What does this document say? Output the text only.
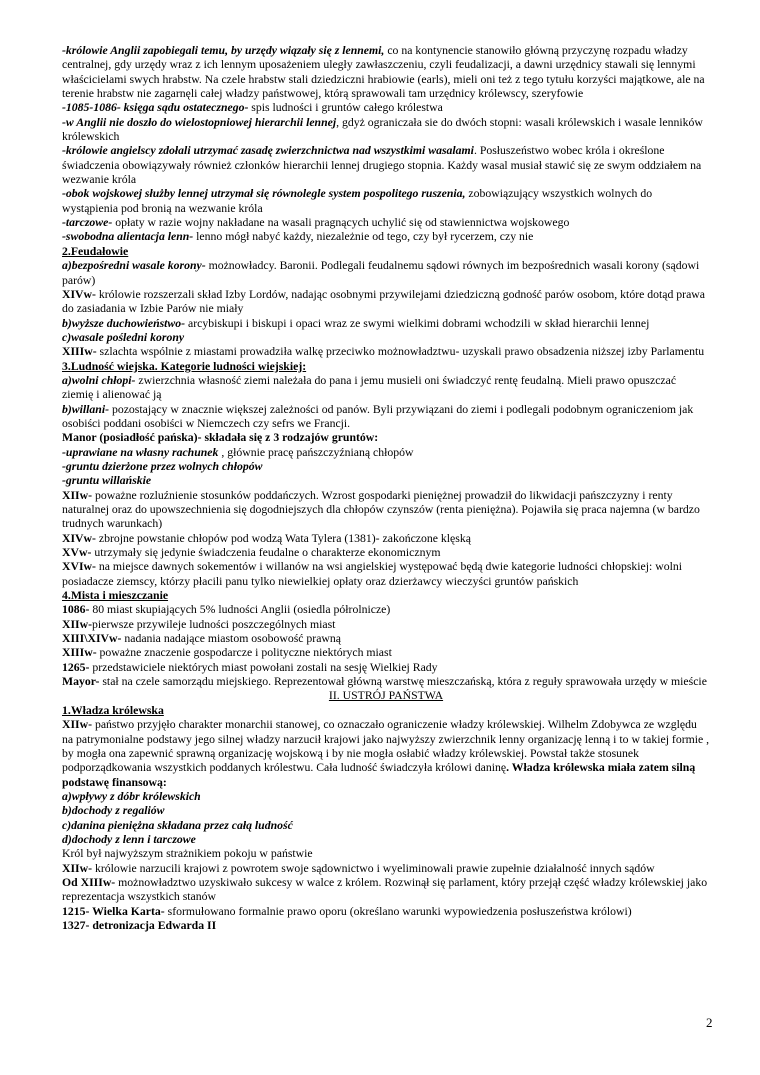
-królowie Anglii zapobiegali temu, by urzędy wiązały się z lennemi, co na kontynencie stanowiło główną przyczynę rozpadu władzy centralnej, gdy urzędy wraz z ich lennym uposażeniem uległy zawłaszczeniu, czyli feudalizacji, a dawni urzędnicy stawali się lennymi właścicielami swych hrabstw. Na czele hrabstw stali dziedziczni hrabiowie (earls), mieli oni też z tego tytułu korzyści majątkowe, ale na terenie hrabstw nie zagarnęli całej władzy państwowej, którą sprawowali tam urzędnicy królewscy, szeryfowie

-1085-1086- księga sądu ostatecznego- spis ludności i gruntów całego królestwa

-w Anglii nie doszło do wielostopniowej hierarchii lennej, gdyż ograniczała sie do dwóch stopni: wasali królewskich i wasale lenników królewskich

-królowie angielscy zdołali utrzymać zasadę zwierzchnictwa nad wszystkimi wasalami. Posłuszeństwo wobec króla i określone świadczenia obowiązywały również członków hierarchii lennej drugiego stopnia. Każdy wasal musiał stawić się ze swym oddziałem na wezwanie króla

-obok wojskowej służby lennej utrzymał się równolegle system pospolitego ruszenia, zobowiązujący wszystkich wolnych do wystąpienia pod bronią na wezwanie króla

-tarczowe- opłaty w razie wojny nakładane na wasali pragnących uchylić się od stawiennictwa wojskowego

-swobodna alientacja lenn- lenno mógł nabyć każdy, niezależnie od tego, czy był rycerzem, czy nie

2.Feudałowie

a)bezpośredni wasale korony- możnowładcy. Baronii. Podlegali feudalnemu sądowi równych im bezpośrednich wasali korony (sądowi parów)

XIVw- królowie rozszerzali skład Izby Lordów, nadając osobnymi przywilejami dziedziczną godność parów osobom, które dotąd prawa do zasiadania w Izbie Parów nie miały

b)wyższe duchowieństwo- arcybiskupi i biskupi i opaci wraz ze swymi wielkimi dobrami wchodzili w skład hierarchii lennej

c)wasale pośledni korony

XIIIw- szlachta wspólnie z miastami prowadziła walkę przeciwko możnowładztwu- uzyskali prawo obsadzenia niższej izby Parlamentu

3.Ludność wiejska. Kategorie ludności wiejskiej:

a)wolni chłopi- zwierzchnia własność ziemi należała do pana i jemu musieli oni świadczyć rentę feudalną. Mieli prawo opuszczać ziemię i alienować ją

b)willani- pozostający w znacznie większej zależności od panów. Byli przywiązani do ziemi i podlegali podobnym ograniczeniom jak osobiści poddani osobiści w Niemczech czy sefrs we Francji.

Manor (posiadłość pańska)- składała się z 3 rodzajów gruntów:

-uprawiane na własny rachunek , głównie pracę pańszczyźnianą chłopów

-gruntu dzierżone przez wolnych chłopów

-gruntu willańskie

XIIw- poważne rozluźnienie stosunków poddańczych. Wzrost gospodarki pieniężnej prowadził do likwidacji pańszczyzny i renty naturalnej oraz do upowszechnienia się dogodniejszych dla chłopów czynszów (renta pieniężna). Pojawiła się praca najemna (w bardzo trudnych warunkach)

XIVw- zbrojne powstanie chłopów pod wodzą Wata Tylera (1381)- zakończone klęską

XVw- utrzymały się jedynie świadczenia feudalne o charakterze ekonomicznym

XVIw- na miejsce dawnych sokementów i willanów na wsi angielskiej występować będą dwie kategorie ludności chłopskiej: wolni posiadacze ziemscy, którzy płacili panu tylko niewielkiej opłaty oraz dzierżawcy wieczyści gruntów pańskich

4.Mista i mieszczanie

1086- 80 miast skupiających 5% ludności Anglii (osiedla półrolnicze)

XIIw-pierwsze przywileje ludności poszczególnych miast

XIII\XIVw- nadania nadające miastom osobowość prawną

XIIIw- poważne znaczenie gospodarcze i polityczne niektórych miast

1265- przedstawiciele niektórych miast powołani zostali na sesję Wielkiej Rady

Mayor- stał na czele samorządu miejskiego. Reprezentował główną warstwę mieszczańską, która z reguły sprawowała urzędy w mieście

II. USTRÓJ PAŃSTWA

1.Władza królewska

XIIw- państwo przyjęło charakter monarchii stanowej, co oznaczało ograniczenie władzy królewskiej. Wilhelm Zdobywca ze względu na patrymonialne podstawy jego silnej władzy narzucił krajowi jako najwyższy zwierzchnik lenny organizację lenną i to w takiej formie , by mogła ona zapewnić sprawną organizację wojskową i by nie mogła osłabić władzy królewskiej. Powstał także stosunek podporządkowania wszystkich poddanych królestwu. Cała ludność świadczyła królowi daninę. Władza królewska miała zatem silną podstawę finansową:

a)wpływy z dóbr królewskich

b)dochody z regaliów

c)danina pieniężna składana przez całą ludność

d)dochody z lenn i tarczowe

Król był najwyższym strażnikiem pokoju w państwie

XIIw- królowie narzucili krajowi z powrotem swoje sądownictwo i wyeliminowali prawie zupełnie działalność innych sądów

Od XIIIw- możnowładztwo uzyskiwało sukcesy w walce z królem. Rozwinął się parlament, który przejął część władzy królewskiej jako reprezentacja wszystkich stanów

1215- Wielka Karta- sformułowano formalnie prawo oporu (określano warunki wypowiedzenia posłuszeństwa królowi)

1327- detronizacja Edwarda II

2
